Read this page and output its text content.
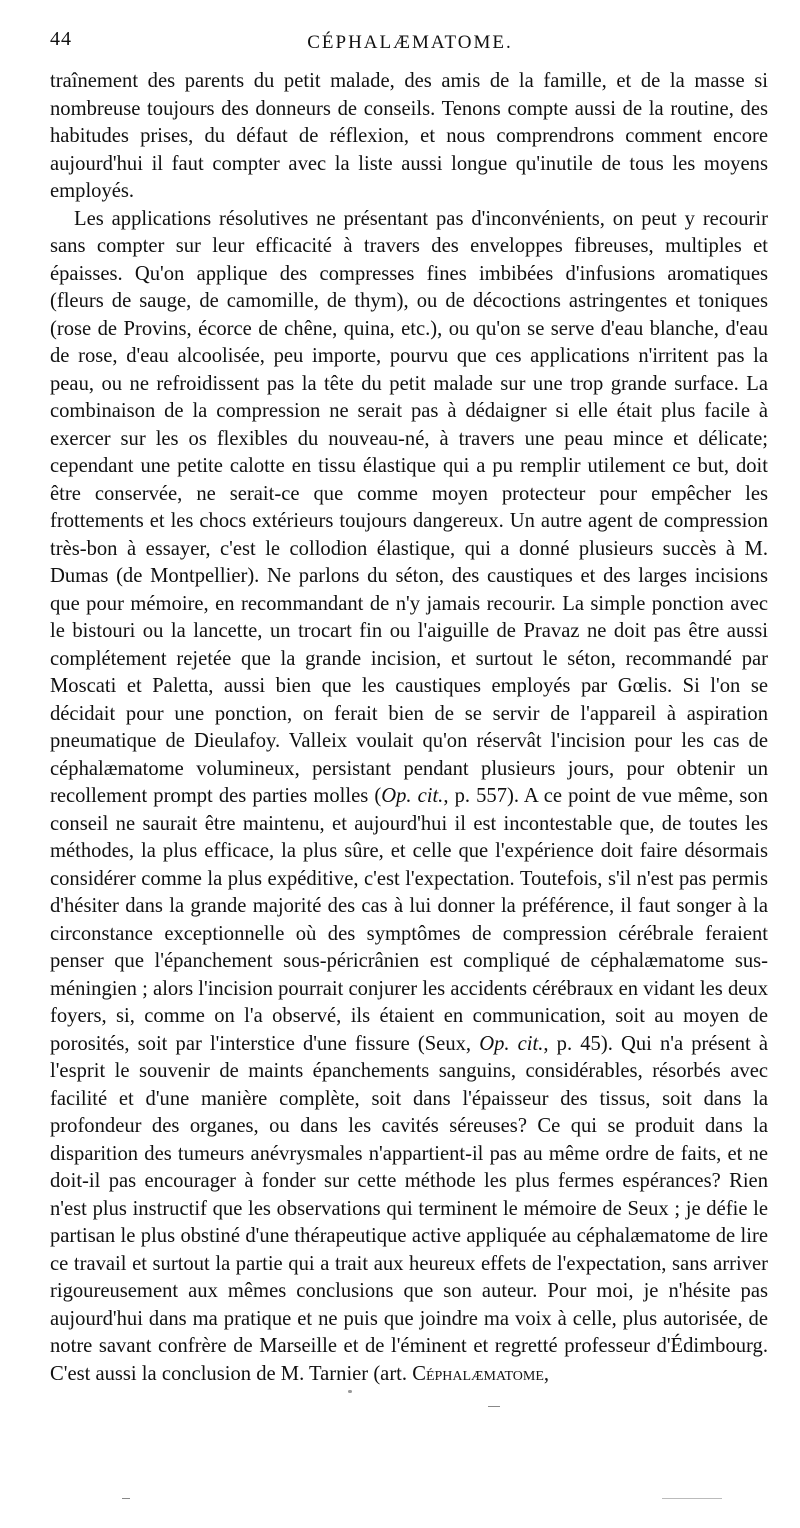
44	CÉPHALÆMATOME.

traînement des parents du petit malade, des amis de la famille, et de la masse si nombreuse toujours des donneurs de conseils. Tenons compte aussi de la routine, des habitudes prises, du défaut de réflexion, et nous comprendrons comment encore aujourd'hui il faut compter avec la liste aussi longue qu'inutile de tous les moyens employés.

Les applications résolutives ne présentant pas d'inconvénients, on peut y recourir sans compter sur leur efficacité à travers des enveloppes fibreuses, multiples et épaisses. Qu'on applique des compresses fines imbibées d'infusions aromatiques (fleurs de sauge, de camomille, de thym), ou de décoctions astringentes et toniques (rose de Provins, écorce de chêne, quina, etc.), ou qu'on se serve d'eau blanche, d'eau de rose, d'eau alcoolisée, peu importe, pourvu que ces applications n'irritent pas la peau, ou ne refroidissent pas la tête du petit malade sur une trop grande surface. La combinaison de la compression ne serait pas à dédaigner si elle était plus facile à exercer sur les os flexibles du nouveau-né, à travers une peau mince et délicate; cependant une petite calotte en tissu élastique qui a pu remplir utilement ce but, doit être conservée, ne serait-ce que comme moyen protecteur pour empêcher les frottements et les chocs extérieurs toujours dangereux. Un autre agent de compression très-bon à essayer, c'est le collodion élastique, qui a donné plusieurs succès à M. Dumas (de Montpellier). Ne parlons du séton, des caustiques et des larges incisions que pour mémoire, en recommandant de n'y jamais recourir. La simple ponction avec le bistouri ou la lancette, un trocart fin ou l'aiguille de Pravaz ne doit pas être aussi complétement rejetée que la grande incision, et surtout le séton, recommandé par Moscati et Paletta, aussi bien que les caustiques employés par Gœlis. Si l'on se décidait pour une ponction, on ferait bien de se servir de l'appareil à aspiration pneumatique de Dieulafoy. Valleix voulait qu'on réservât l'incision pour les cas de céphalæmatome volumineux, persistant pendant plusieurs jours, pour obtenir un recollement prompt des parties molles (Op. cit., p. 557). A ce point de vue même, son conseil ne saurait être maintenu, et aujourd'hui il est incontestable que, de toutes les méthodes, la plus efficace, la plus sûre, et celle que l'expérience doit faire désormais considérer comme la plus expéditive, c'est l'expectation. Toutefois, s'il n'est pas permis d'hésiter dans la grande majorité des cas à lui donner la préférence, il faut songer à la circonstance exceptionnelle où des symptômes de compression cérébrale feraient penser que l'épanchement sous-péricrânien est compliqué de céphalæmatome sus-méningien ; alors l'incision pourrait conjurer les accidents cérébraux en vidant les deux foyers, si, comme on l'a observé, ils étaient en communication, soit au moyen de porosités, soit par l'interstice d'une fissure (Seux, Op. cit., p. 45). Qui n'a présent à l'esprit le souvenir de maints épanchements sanguins, considérables, résorbés avec facilité et d'une manière complète, soit dans l'épaisseur des tissus, soit dans la profondeur des organes, ou dans les cavités séreuses? Ce qui se produit dans la disparition des tumeurs anévrysmales n'appartient-il pas au même ordre de faits, et ne doit-il pas encourager à fonder sur cette méthode les plus fermes espérances? Rien n'est plus instructif que les observations qui terminent le mémoire de Seux ; je défie le partisan le plus obstiné d'une thérapeutique active appliquée au céphalæmatome de lire ce travail et surtout la partie qui a trait aux heureux effets de l'expectation, sans arriver rigoureusement aux mêmes conclusions que son auteur. Pour moi, je n'hésite pas aujourd'hui dans ma pratique et ne puis que joindre ma voix à celle, plus autorisée, de notre savant confrère de Marseille et de l'éminent et regretté professeur d'Édimbourg. C'est aussi la conclusion de M. Tarnier (art. Céphalæmatome,
